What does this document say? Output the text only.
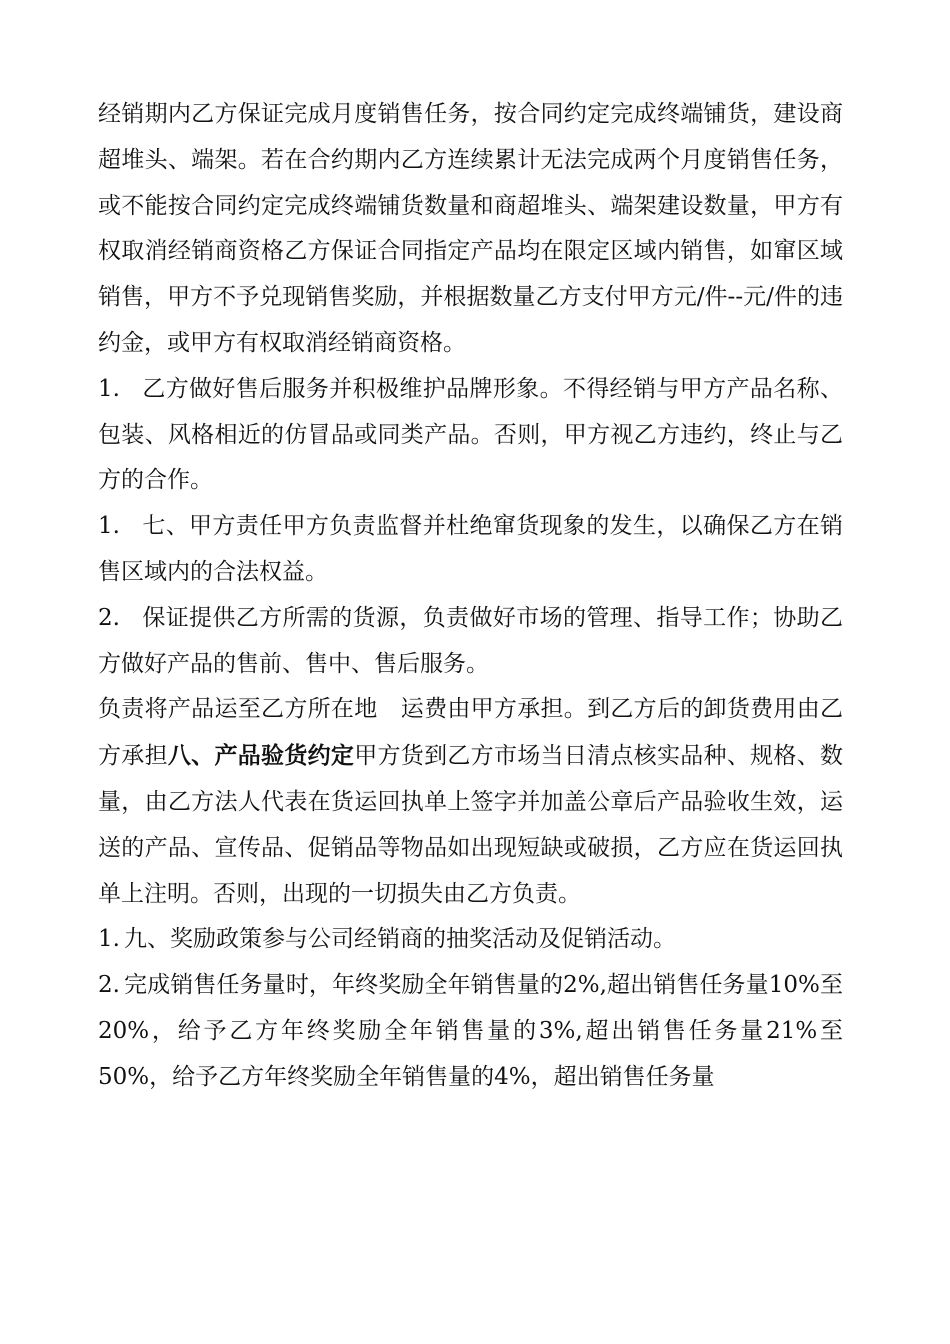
经销期内乙方保证完成月度销售任务，按合同约定完成终端铺货，建设商超堆头、端架。若在合约期内乙方连续累计无法完成两个月度销售任务，或不能按合同约定完成终端铺货数量和商超堆头、端架建设数量，甲方有权取消经销商资格乙方保证合同指定产品均在限定区域内销售，如窜区域销售，甲方不予兑现销售奖励，并根据数量乙方支付甲方元/件--元/件的违约金，或甲方有权取消经销商资格。

1. 乙方做好售后服务并积极维护品牌形象。不得经销与甲方产品名称、包装、风格相近的仿冒品或同类产品。否则，甲方视乙方违约，终止与乙方的合作。

1. 七、甲方责任甲方负责监督并杜绝窜货现象的发生，以确保乙方在销售区域内的合法权益。

2. 保证提供乙方所需的货源，负责做好市场的管理、指导工作；协助乙方做好产品的售前、售中、售后服务。

负责将产品运至乙方所在地　运费由甲方承担。到乙方后的卸货费用由乙方承担八、产品验货约定甲方货到乙方市场当日清点核实品种、规格、数量，由乙方法人代表在货运回执单上签字并加盖公章后产品验收生效，运送的产品、宣传品、促销品等物品如出现短缺或破损，乙方应在货运回执单上注明。否则，出现的一切损失由乙方负责。

1. 九、奖励政策参与公司经销商的抽奖活动及促销活动。

2. 完成销售任务量时，年终奖励全年销售量的2%,超出销售任务量10%至20%，给予乙方年终奖励全年销售量的3%,超出销售任务量21%至50%，给予乙方年终奖励全年销售量的4%，超出销售任务量
